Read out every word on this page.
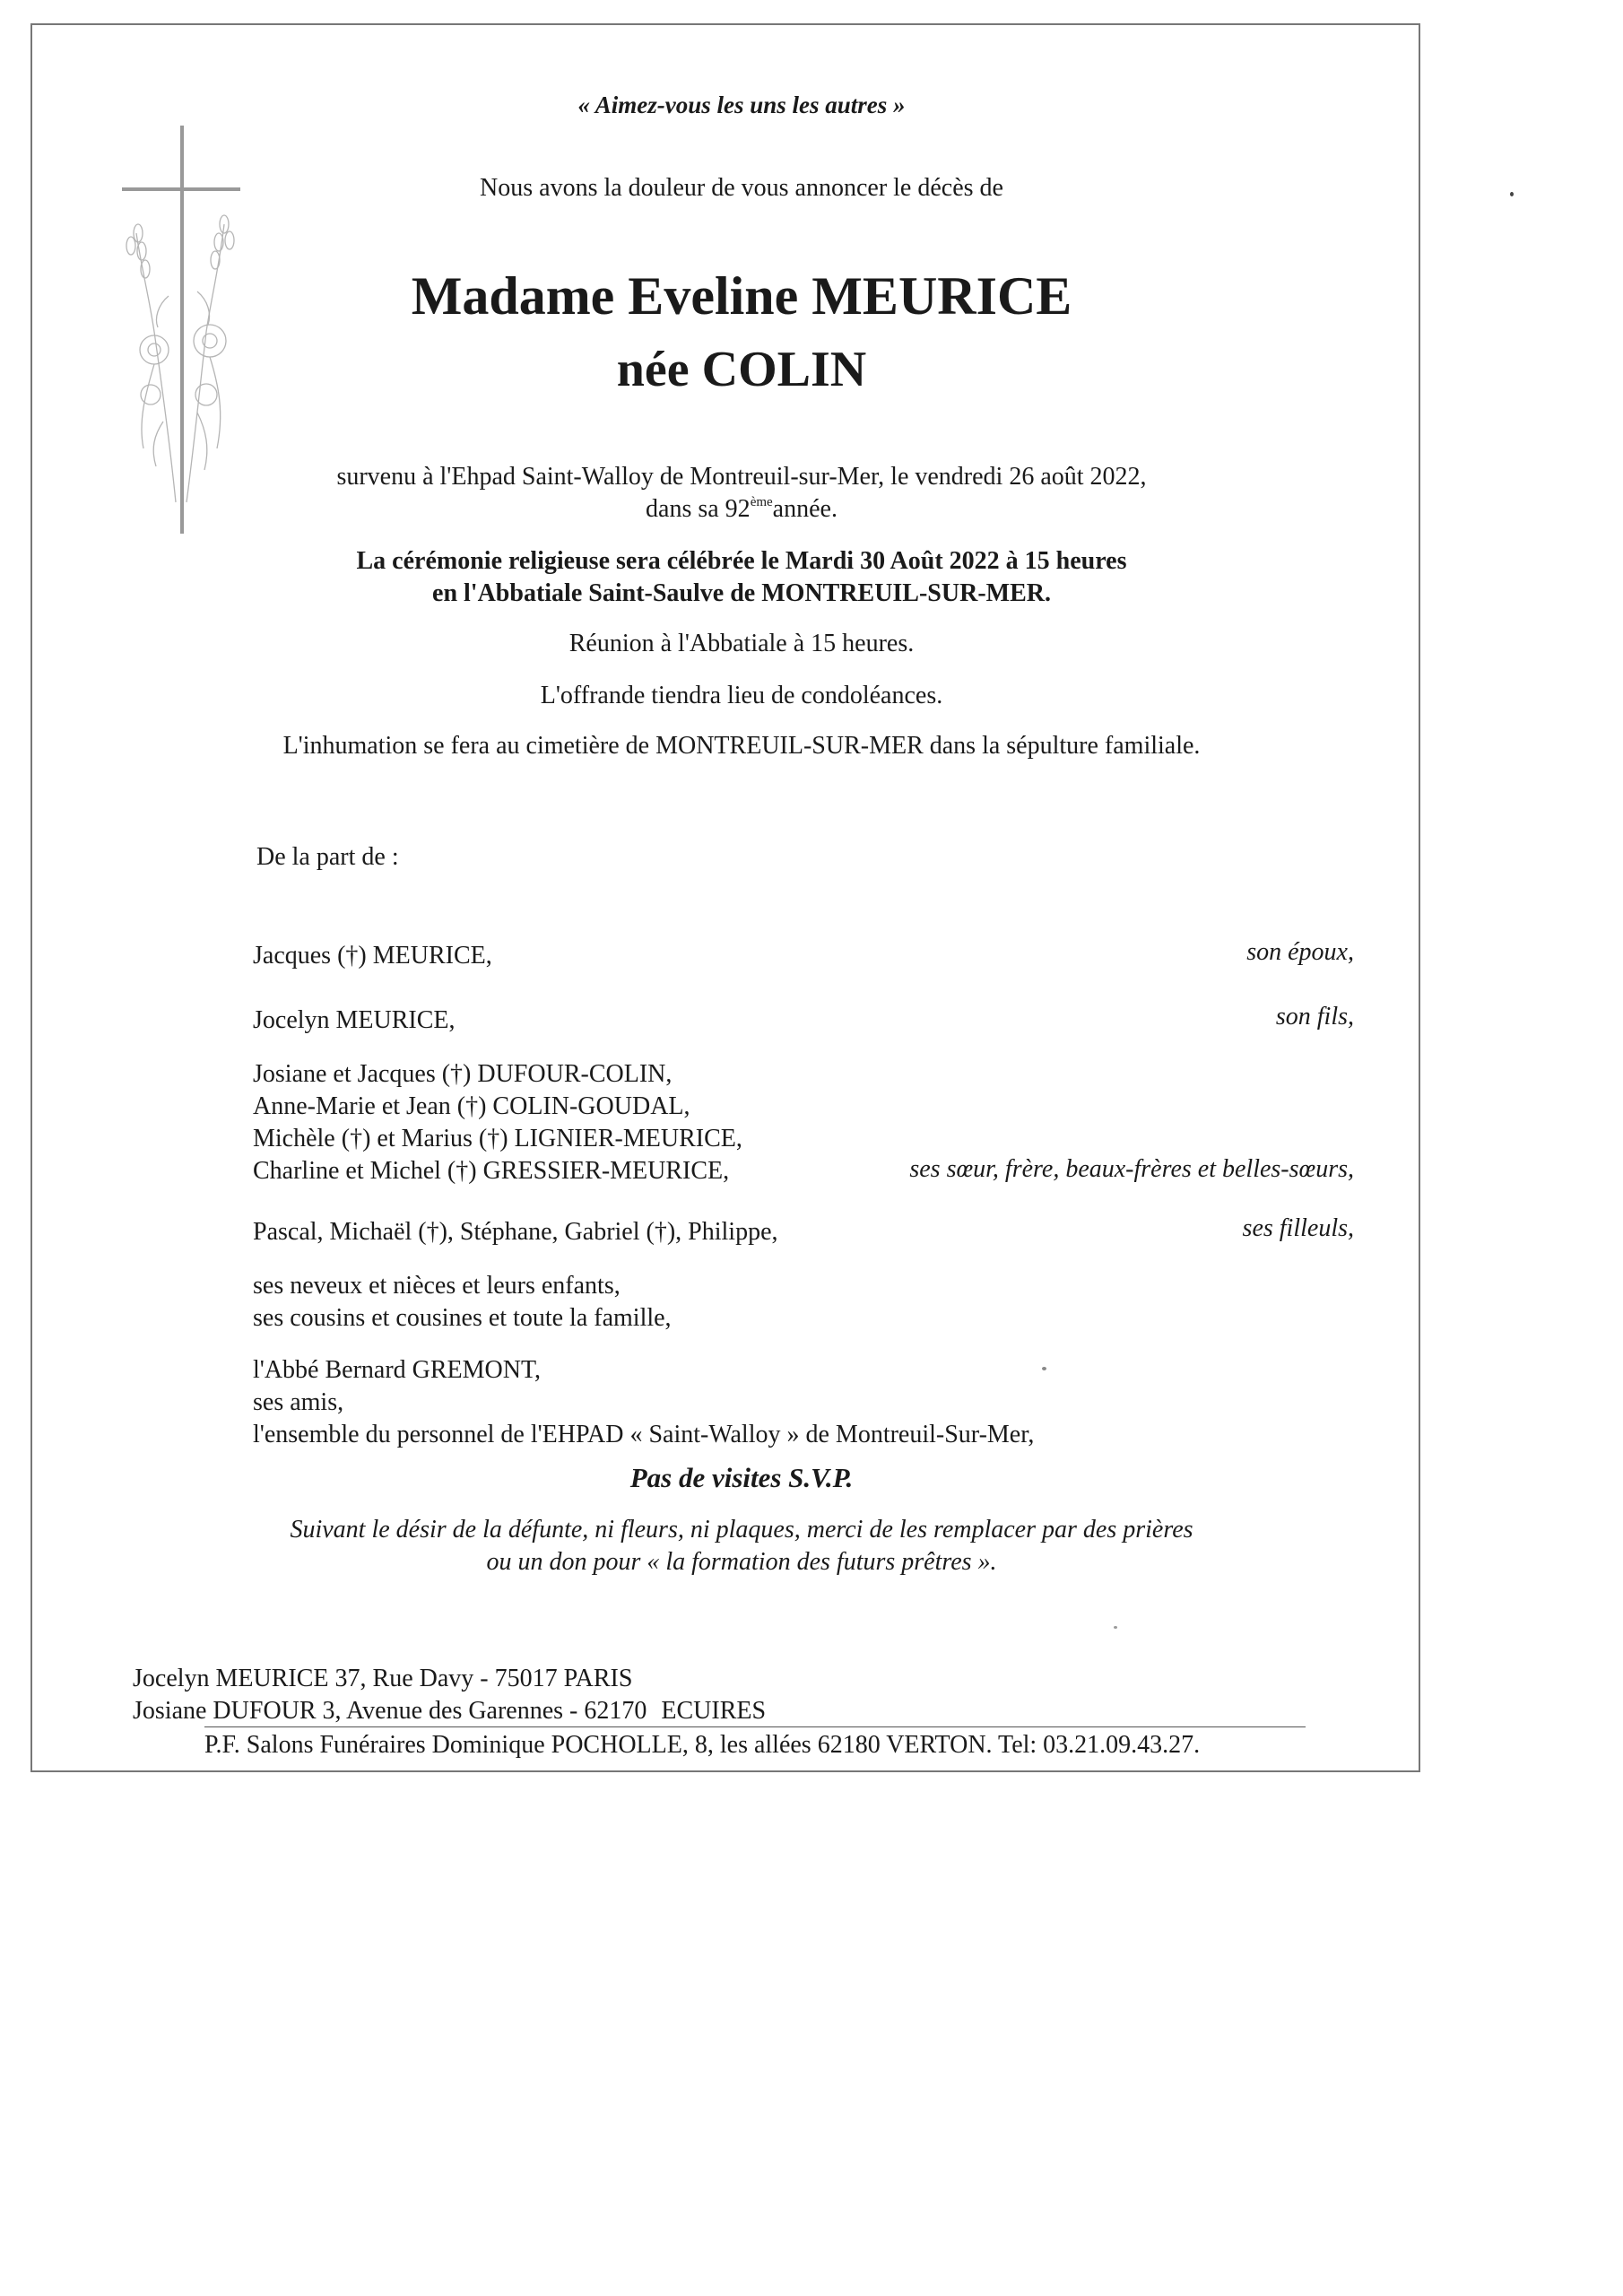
« Aimez-vous les uns les autres »
Nous avons la douleur de vous annoncer le décès de
Madame Eveline MEURICE
née COLIN
survenu à l'Ehpad Saint-Walloy de Montreuil-sur-Mer, le vendredi 26 août 2022,
dans sa 92èmeannée.
La cérémonie religieuse sera célébrée le Mardi 30 Août 2022 à 15 heures
en l'Abbatiale Saint-Saulve de MONTREUIL-SUR-MER.
Réunion à l'Abbatiale à 15 heures.
L'offrande tiendra lieu de condoléances.
L'inhumation se fera au cimetière de MONTREUIL-SUR-MER dans la sépulture familiale.
De la part de :
Jacques (†) MEURICE,	son époux,
Jocelyn MEURICE,	son fils,
Josiane et Jacques (†) DUFOUR-COLIN,
Anne-Marie et Jean (†) COLIN-GOUDAL,
Michèle (†) et Marius (†) LIGNIER-MEURICE,
Charline et Michel (†) GRESSIER-MEURICE,	ses sœur, frère, beaux-frères et belles-sœurs,
Pascal, Michaël (†), Stéphane, Gabriel (†), Philippe,	ses filleuls,
ses neveux et nièces et leurs enfants,
ses cousins et cousines et toute la famille,
l'Abbé Bernard GREMONT,
ses amis,
l'ensemble du personnel de l'EHPAD « Saint-Walloy » de Montreuil-Sur-Mer,
Pas de visites S.V.P.
Suivant le désir de la défunte, ni fleurs, ni plaques, merci de les remplacer par des prières
ou un don pour « la formation des futurs prêtres ».
Jocelyn MEURICE 37, Rue Davy - 75017 PARIS
Josiane DUFOUR 3, Avenue des Garennes - 62170 ECUIRES
P.F. Salons Funéraires Dominique POCHOLLE, 8, les allées 62180 VERTON. Tel: 03.21.09.43.27.
